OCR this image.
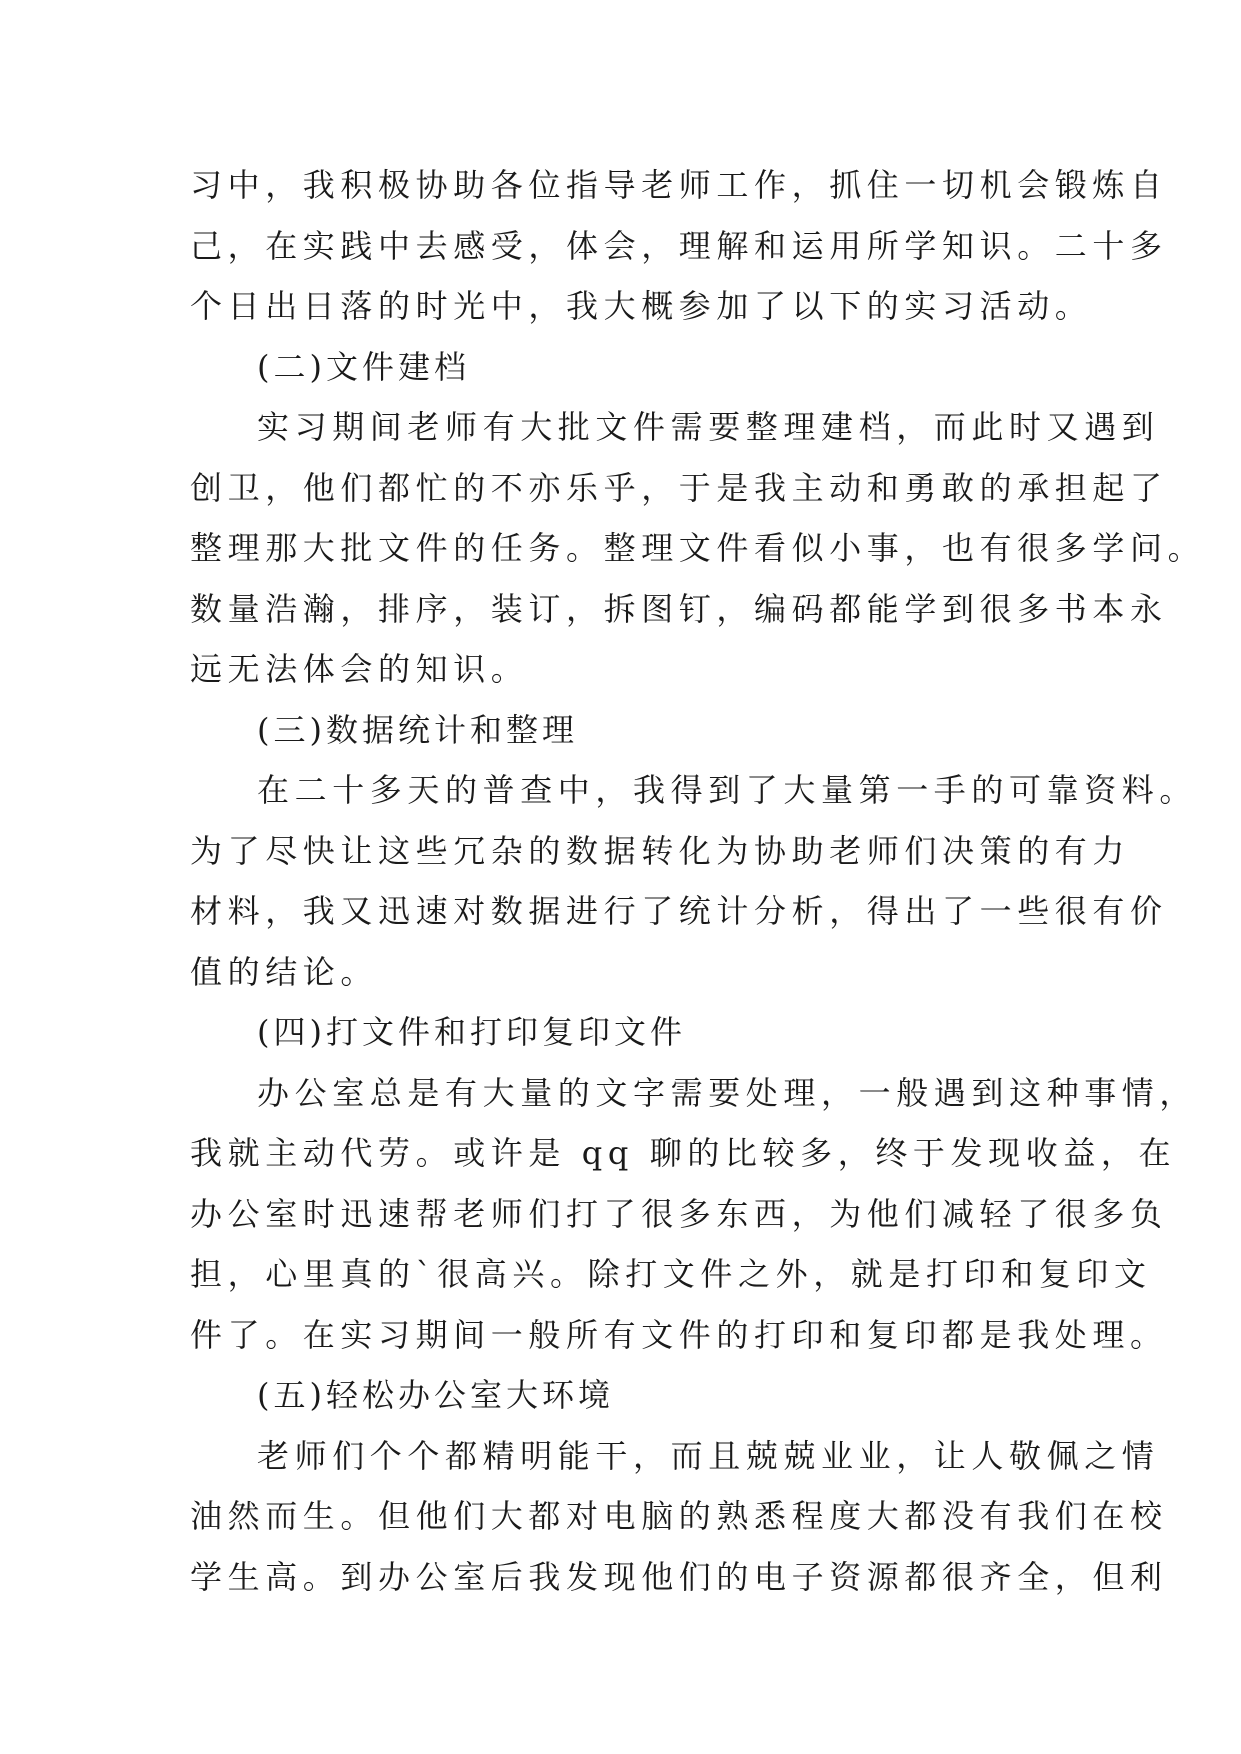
习中，我积极协助各位指导老师工作，抓住一切机会锻炼自
己，在实践中去感受，体会，理解和运用所学知识。二十多
个日出日落的时光中，我大概参加了以下的实习活动。
(二)文件建档
实习期间老师有大批文件需要整理建档，而此时又遇到
创卫，他们都忙的不亦乐乎，于是我主动和勇敢的承担起了
整理那大批文件的任务。整理文件看似小事，也有很多学问。
数量浩瀚，排序，装订，拆图钉，编码都能学到很多书本永
远无法体会的知识。
(三)数据统计和整理
在二十多天的普查中，我得到了大量第一手的可靠资料。
为了尽快让这些冗杂的数据转化为协助老师们决策的有力
材料，我又迅速对数据进行了统计分析，得出了一些很有价
值的结论。
(四)打文件和打印复印文件
办公室总是有大量的文字需要处理，一般遇到这种事情，
我就主动代劳。或许是 qq 聊的比较多，终于发现收益，在
办公室时迅速帮老师们打了很多东西，为他们减轻了很多负
担，心里真的`很高兴。除打文件之外，就是打印和复印文
件了。在实习期间一般所有文件的打印和复印都是我处理。
(五)轻松办公室大环境
老师们个个都精明能干，而且兢兢业业，让人敬佩之情
油然而生。但他们大都对电脑的熟悉程度大都没有我们在校
学生高。到办公室后我发现他们的电子资源都很齐全，但利
